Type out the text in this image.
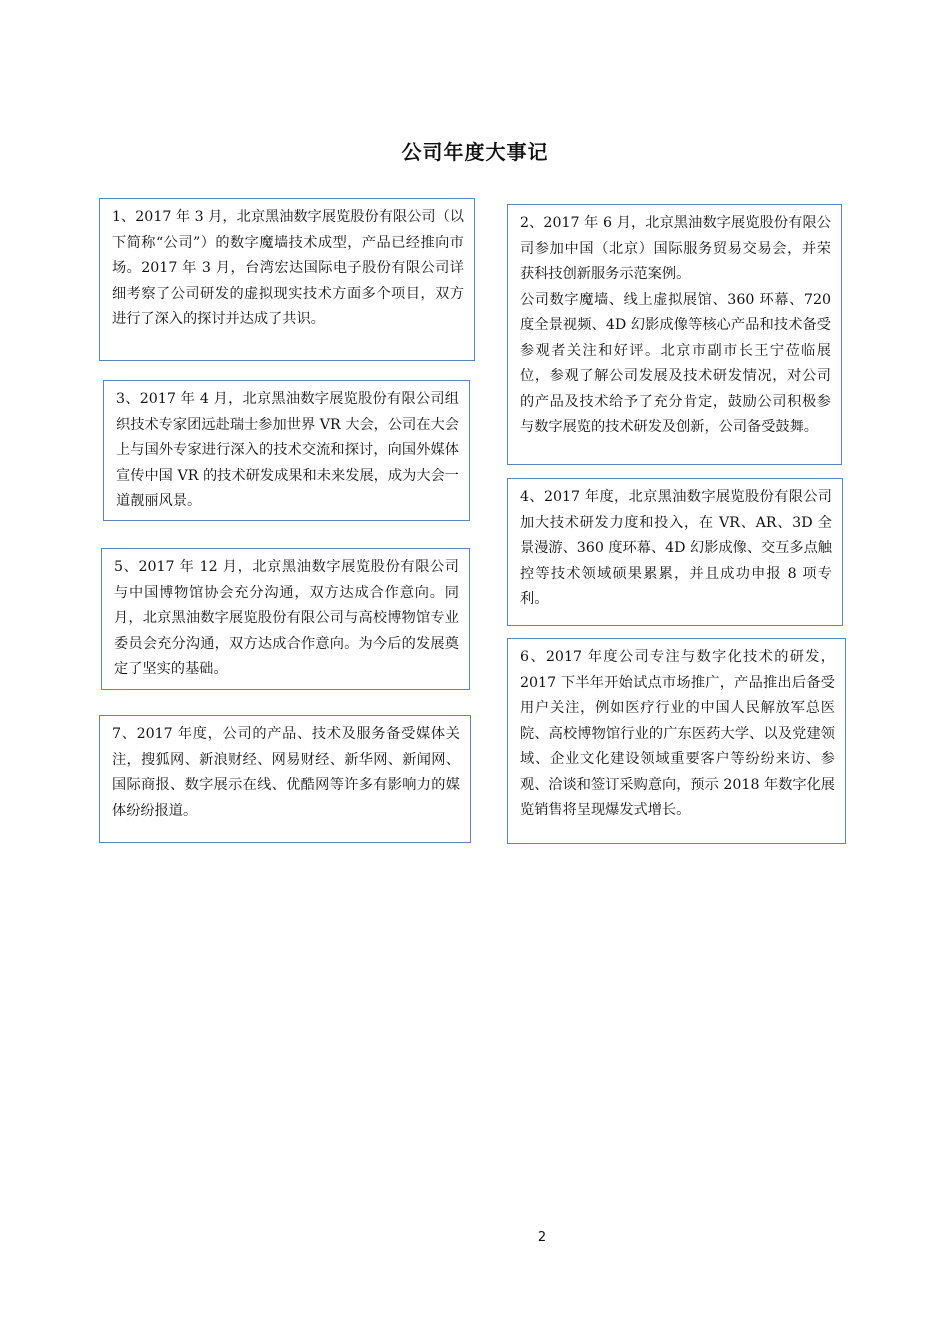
公司年度大事记

1、2017 年 3 月，北京黑油数字展览股份有限公司（以下简称“公司”）的数字魔墙技术成型，产品已经推向市场。2017 年 3 月，台湾宏达国际电子股份有限公司详细考察了公司研发的虚拟现实技术方面多个项目，双方进行了深入的探讨并达成了共识。

2、2017 年 6 月，北京黑油数字展览股份有限公司参加中国（北京）国际服务贸易交易会，并荣获科技创新服务示范案例。

公司数字魔墙、线上虚拟展馆、360 环幕、720 度全景视频、4D 幻影成像等核心产品和技术备受参观者关注和好评。北京市副市长王宁莅临展位，参观了解公司发展及技术研发情况，对公司的产品及技术给予了充分肯定，鼓励公司积极参与数字展览的技术研发及创新，公司备受鼓舞。

3、2017 年 4 月，北京黑油数字展览股份有限公司组织技术专家团远赴瑞士参加世界 VR 大会，公司在大会上与国外专家进行深入的技术交流和探讨，向国外媒体宣传中国 VR 的技术研发成果和未来发展，成为大会一道靓丽风景。	4、2017 年度，北京黑油数字展览股份有限公司加大技术研发力度和投入，在 VR、AR、3D 全景漫游、360 度环幕、4D 幻影成像、交互多点触控等技术领域硕果累累，并且成功申报 8 项专利。

5、2017 年 12 月，北京黑油数字展览股份有限公司与中国博物馆协会充分沟通，双方达成合作意向。同月，北京黑油数字展览股份有限公司与高校博物馆专业委员会充分沟通，双方达成合作意向。为今后的发展奠定了坚实的基础。

6、2017 年度公司专注与数字化技术的研发，2017 下半年开始试点市场推广，产品推出后备受用户关注，例如医疗行业的中国人民解放军总医院、高校博物馆行业的广东医药大学、以及党建领域、企业文化建设领域重要客户等纷纷来访、参观、洽谈和签订采购意向，预示 2018 年数字化展览销售将呈现爆发式增长。

7、2017 年度，公司的产品、技术及服务备受媒体关注，搜狐网、新浪财经、网易财经、新华网、新闻网、国际商报、数字展示在线、优酷网等许多有影响力的媒体纷纷报道。

2
